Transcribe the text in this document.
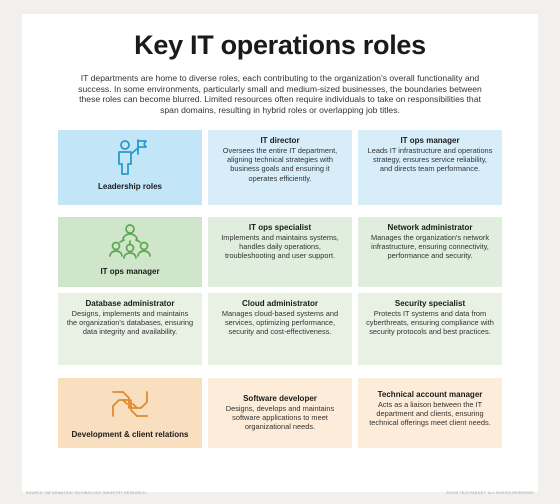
Key IT operations roles
IT departments are home to diverse roles, each contributing to the organization's overall functionality and success. In some environments, particularly small and medium-sized businesses, the boundaries between these roles can become blurred. Limited resources often require individuals to take on responsibilities that span domains, resulting in hybrid roles or overlapping job titles.
Leadership roles
IT director
Oversees the entire IT department, aligning technical strategies with business goals and ensuring it operates efficiently.
IT ops manager
Leads IT infrastructure and operations strategy, ensures service reliability, and directs team performance.
IT ops manager
IT ops specialist
Implements and maintains systems, handles daily operations, troubleshooting and user support.
Network administrator
Manages the organization's network infrastructure, ensuring connectivity, performance and security.
Database administrator
Designs, implements and maintains the organization's databases, ensuring data integrity and availability.
Cloud administrator
Manages cloud-based systems and services, optimizing performance, security and cost-effectiveness.
Security specialist
Protects IT systems and data from cyberthreats, ensuring compliance with security protocols and best practices.
Development & client relations
Software developer
Designs, develops and maintains software applications to meet organizational needs.
Technical account manager
Acts as a liaison between the IT department and clients, ensuring technical offerings meet client needs.
SOURCE: INFORMATION TECHNOLOGY INDUSTRY RESEARCH	©2025 TECHTARGET. ALL RIGHTS RESERVED
